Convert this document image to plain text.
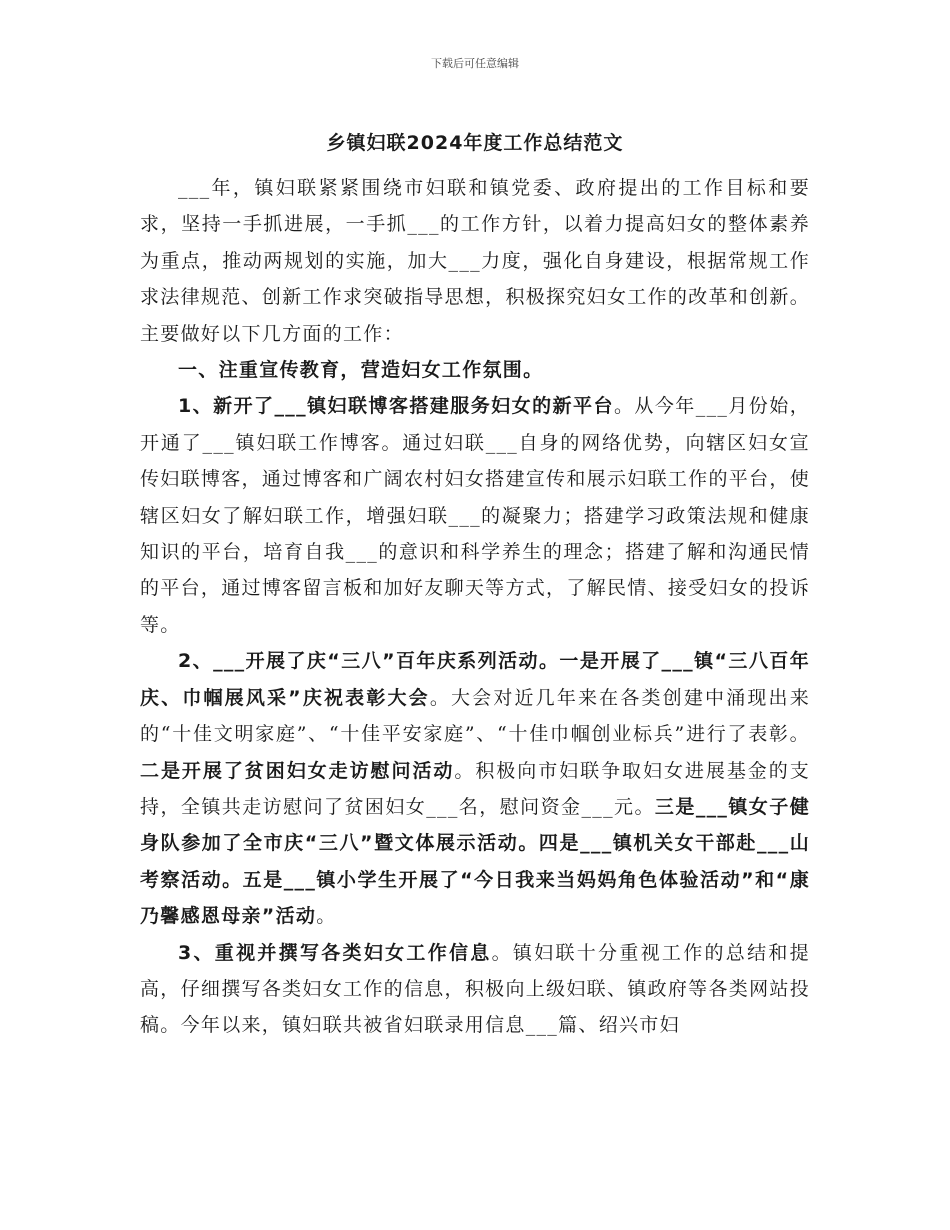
下载后可任意编辑
乡镇妇联2024年度工作总结范文

___年，镇妇联紧紧围绕市妇联和镇党委、政府提出的工作目标和要求，坚持一手抓进展，一手抓___的工作方针，以着力提高妇女的整体素养为重点，推动两规划的实施，加大___力度，强化自身建设，根据常规工作求法律规范、创新工作求突破指导思想，积极探究妇女工作的改革和创新。主要做好以下几方面的工作：

一、注重宣传教育，营造妇女工作氛围。

1、新开了___镇妇联博客搭建服务妇女的新平台。从今年___月份始，开通了___镇妇联工作博客。通过妇联___自身的网络优势，向辖区妇女宣传妇联博客，通过博客和广阔农村妇女搭建宣传和展示妇联工作的平台，使辖区妇女了解妇联工作，增强妇联___的凝聚力；搭建学习政策法规和健康知识的平台，培育自我___的意识和科学养生的理念；搭建了解和沟通民情的平台，通过博客留言板和加好友聊天等方式，了解民情、接受妇女的投诉等。

2、___开展了庆“三八”百年庆系列活动。一是开展了___镇“三八百年庆、巾帼展风采”庆祝表彰大会。大会对近几年来在各类创建中涌现出来的“十佳文明家庭”、“十佳平安家庭”、“十佳巾帼创业标兵”进行了表彰。二是开展了贫困妇女走访慰问活动。积极向市妇联争取妇女进展基金的支持，全镇共走访慰问了贫困妇女___名，慰问资金___元。三是___镇女子健身队参加了全市庆“三八”暨文体展示活动。四是___镇机关女干部赴___山考察活动。五是___镇小学生开展了“今日我来当妈妈角色体验活动”和“康乃馨感恩母亲”活动。

3、重视并撰写各类妇女工作信息。镇妇联十分重视工作的总结和提高，仔细撰写各类妇女工作的信息，积极向上级妇联、镇政府等各类网站投稿。今年以来，镇妇联共被省妇联录用信息___篇、绍兴市妇
